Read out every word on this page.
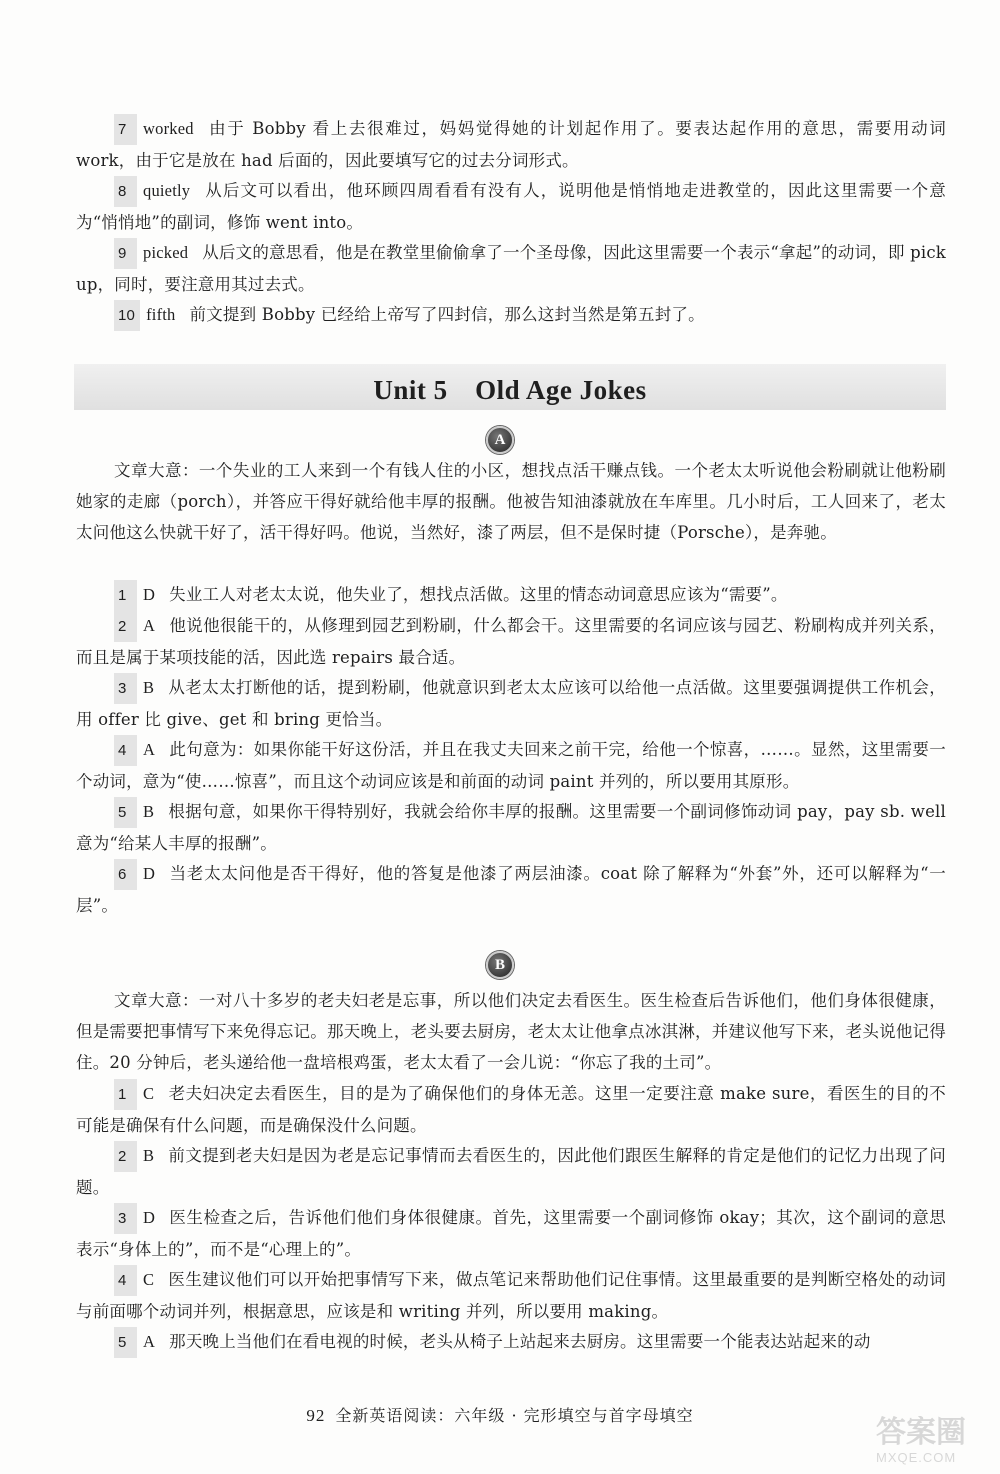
7 worked 由于 Bobby 看上去很难过，妈妈觉得她的计划起作用了。要表达起作用的意思，需要用动词 work，由于它是放在 had 后面的，因此要填写它的过去分词形式。

8 quietly 从后文可以看出，他环顾四周看看有没有人，说明他是悄悄地走进教堂的，因此这里需要一个意为“悄悄地”的副词，修饰 went into。

9 picked 从后文的意思看，他是在教堂里偷偷拿了一个圣母像，因此这里需要一个表示“拿起”的动词，即 pick up，同时，要注意用其过去式。

10 fifth 前文提到 Bobby 已经给上帝写了四封信，那么这封当然是第五封了。

Unit 5　Old Age Jokes
A

文章大意：一个失业的工人来到一个有钱人住的小区，想找点活干赚点钱。一个老太太听说他会粉刷就让他粉刷她家的走廊（porch），并答应干得好就给他丰厚的报酬。他被告知油漆就放在车库里。几小时后，工人回来了，老太太问他这么快就干好了，活干得好吗。他说，当然好，漆了两层，但不是保时捷（Porsche），是奔驰。

1 D 失业工人对老太太说，他失业了，想找点活做。这里的情态动词意思应该为“需要”。

2 A 他说他很能干的，从修理到园艺到粉刷，什么都会干。这里需要的名词应该与园艺、粉刷构成并列关系，而且是属于某项技能的活，因此选 repairs 最合适。

3 B 从老太太打断他的话，提到粉刷，他就意识到老太太应该可以给他一点活做。这里要强调提供工作机会，用 offer 比 give、get 和 bring 更恰当。

4 A 此句意为：如果你能干好这份活，并且在我丈夫回来之前干完，给他一个惊喜，……。显然，这里需要一个动词，意为“使……惊喜”，而且这个动词应该是和前面的动词 paint 并列的，所以要用其原形。

5 B 根据句意，如果你干得特别好，我就会给你丰厚的报酬。这里需要一个副词修饰动词 pay，pay sb. well 意为“给某人丰厚的报酬”。

6 D 当老太太问他是否干得好，他的答复是他漆了两层油漆。coat 除了解释为“外套”外，还可以解释为“一层”。

B

文章大意：一对八十多岁的老夫妇老是忘事，所以他们决定去看医生。医生检查后告诉他们，他们身体很健康，但是需要把事情写下来免得忘记。那天晚上，老头要去厨房，老太太让他拿点冰淇淋，并建议他写下来，老头说他记得住。20 分钟后，老头递给他一盘培根鸡蛋，老太太看了一会儿说：“你忘了我的土司”。

1 C 老夫妇决定去看医生，目的是为了确保他们的身体无恙。这里一定要注意 make sure，看医生的目的不可能是确保有什么问题，而是确保没什么问题。

2 B 前文提到老夫妇是因为老是忘记事情而去看医生的，因此他们跟医生解释的肯定是他们的记忆力出现了问题。

3 D 医生检查之后，告诉他们他们身体很健康。首先，这里需要一个副词修饰 okay；其次，这个副词的意思表示“身体上的”，而不是“心理上的”。

4 C 医生建议他们可以开始把事情写下来，做点笔记来帮助他们记住事情。这里最重要的是判断空格处的动词与前面哪个动词并列，根据意思，应该是和 writing 并列，所以要用 making。

5 A 那天晚上当他们在看电视的时候，老头从椅子上站起来去厨房。这里需要一个能表达站起来的动

92 全新英语阅读：六年级 · 完形填空与首字母填空
答案圈
MXQE.COM
